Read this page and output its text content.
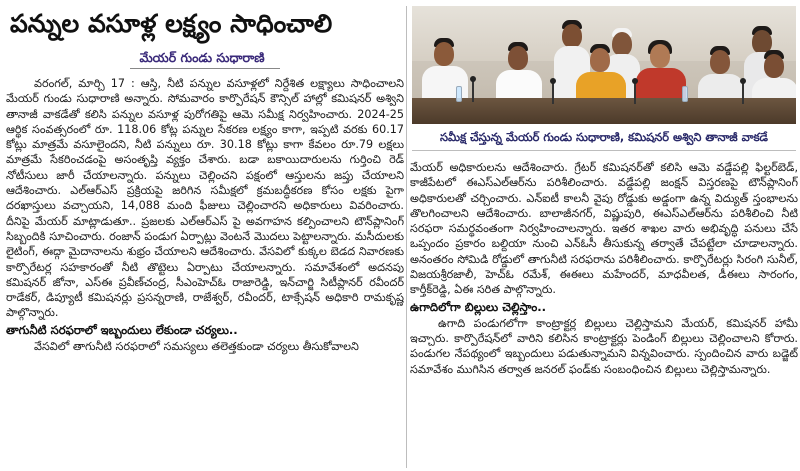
పన్నుల వసూళ్ల లక్ష్యం సాధించాలి
మేయర్ గుండు సుధారాణి

వరంగల్, మార్చి 17 : ఆస్తి, నీటి పన్నుల వసూళ్లలో నిర్దేశిత లక్ష్యాలు సాధించాలని మేయర్ గుండు సుధారాణి అన్నారు. సోమవారం కార్పొరేషన్ కౌన్సిల్ హాల్లో కమిషనర్ అశ్విని తానాజీ వాకడేతో కలిసి పన్నుల వసూళ్ల పురోగతిపై ఆమె సమీక్ష నిర్వహించారు. 2024-25 ఆర్థిక సంవత్సరంలో రూ. 118.06 కోట్ల పన్నుల సేకరణ లక్ష్యం కాగా, ఇప్పటి వరకు 60.17 కోట్లు మాత్రమే వసూలైందని, నీటి పన్నులు రూ. 30.18 కోట్లు కాగా కేవలం రూ.79 లక్షలు మాత్రమే సేకరించడంపై అసంతృప్తి వ్యక్తం చేశారు. బడా బకాయిదారులను గుర్తించి రెడ్ నోటీసులు జారీ చేయాలన్నారు. పన్నులు చెల్లించని పక్షంలో ఆస్తులను జప్తు చేయాలని ఆదేశించారు. ఎల్ఆర్ఎస్ ప్రక్రియపై జరిగిన సమీక్షలో క్రమబద్ధీకరణ కోసం లక్షకు పైగా దరఖాస్తులు వచ్చాయని, 14,088 మంది ఫీజులు చెల్లించారని అధికారులు వివరించారు. దీనిపై మేయర్ మాట్లాడుతూ.. ప్రజలకు ఎల్ఆర్ఎస్ పై అవగాహన కల్పించాలని టౌన్‌ప్లానింగ్ సిబ్బందికి సూచించారు. రంజాన్ పండుగ ఏర్పాట్లు వెంటనే మొదలు పెట్టాలన్నారు. మసీదులకు లైటింగ్, ఈద్గా మైదానాలను శుభ్రం చేయాలని ఆదేశించారు. వేసవిలో కుక్కల బెడద నివారణకు కార్పొరేటర్ల సహకారంతో నీటి తొట్టెలు ఏర్పాటు చేయాలన్నారు. సమావేశంలో అదనపు కమిషనర్ జోనా, ఎస్ఈ ప్రవీణ్‌చంద్ర, సీఎంహెచ్ఓ రాజారెడ్డి, ఇన్‌చార్జి సిటీప్లానర్ రవీందర్ రాడేకర్, డిప్యూటీ కమిషనర్లు ప్రసన్నరాణి, రాజేశ్వర్, రవీందర్, టాక్సేషన్ అధికారి రామకృష్ణ పాల్గొన్నారు.

తాగునీటి సరఫరాలో ఇబ్బందులు లేకుండా చర్యలు..

వేసవిలో తాగునీటి సరఫరాలో సమస్యలు తలెత్తకుండా చర్యలు తీసుకోవాలని

సమీక్ష చేస్తున్న మేయర్ గుండు సుధారాణి, కమిషనర్ అశ్విని తానాజీ వాకడే

మేయర్ అధికారులను ఆదేశించారు. గ్రేటర్ కమిషనర్‌తో కలిసి ఆమె వడ్డేపల్లి ఫిల్టర్‌బెడ్, కాజీపేటలో ఈఎస్ఎల్ఆర్‌ను పరిశీలించారు. వడ్డేపల్లి జంక్షన్ విస్తరణపై టౌన్‌ప్లానింగ్ అధికారులతో చర్చించారు. ఎన్ఐటీ కాలనీ వైపు రోడ్డుకు అడ్డంగా ఉన్న విద్యుత్ స్తంభాలను తొలగించాలని ఆదేశించారు. బాలాజీనగర్, విష్ణుపురి, ఈఎస్ఎల్ఆర్‌ను పరిశీలించి నీటి సరఫరా సమర్థవంతంగా నిర్వహించాలన్నారు. ఇతర శాఖల వారు అభివృద్ధి పనులు చేసే ఒప్పందం ప్రకారం బల్దియా నుంచి ఎన్ఓసీ తీసుకున్న తర్వాతే చేపట్టేలా చూడాలన్నారు. అనంతరం సోమిడి రోడ్డులో తాగునీటి సరఫరాను పరిశీలించారు. కార్పొరేటర్లు సిరంగి సునీల్, విజయశ్రీరజాలీ, హెచ్ఓ రమేశ్, ఈఈలు మహేందర్, మాధవీలత, డీఈలు సారంగం, కార్తీక్‌రెడ్డి, ఏఈ సరిత పాల్గొన్నారు.

ఉగాదిలోగా బిల్లులు చెల్లిస్తాం..

ఉగాది పండుగలోగా కాంట్రాక్టర్ల బిల్లులు చెల్లిస్తామని మేయర్, కమిషనర్ హామీ ఇచ్చారు. కార్పొరేషన్‌లో వారిని కలిసిన కాంట్రాక్టర్లు పెండింగ్ బిల్లులు చెల్లించాలని కోరారు. పండుగల నేపథ్యంలో ఇబ్బందులు పడుతున్నామని విన్నవించారు. స్పందించిన వారు బడ్జెట్ సమావేశం ముగిసిన తర్వాత జనరల్ ఫండ్‌కు సంబంధించిన బిల్లులు చెల్లిస్తామన్నారు.
